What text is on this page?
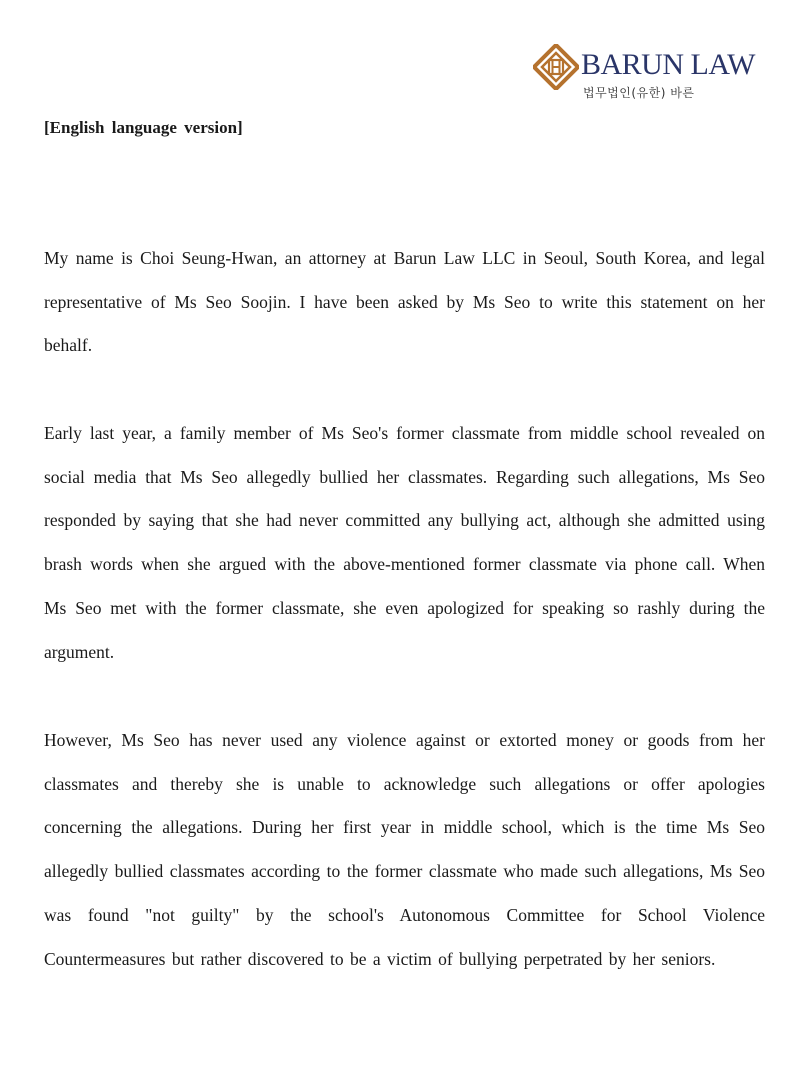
BARUN LAW
법무법인(유한) 바른
[English language version]

My name is Choi Seung-Hwan, an attorney at Barun Law LLC in Seoul, South Korea, and legal representative of Ms Seo Soojin. I have been asked by Ms Seo to write this statement on her behalf.

Early last year, a family member of Ms Seo's former classmate from middle school revealed on social media that Ms Seo allegedly bullied her classmates. Regarding such allegations, Ms Seo responded by saying that she had never committed any bullying act, although she admitted using brash words when she argued with the above-mentioned former classmate via phone call. When Ms Seo met with the former classmate, she even apologized for speaking so rashly during the argument.

However, Ms Seo has never used any violence against or extorted money or goods from her classmates and thereby she is unable to acknowledge such allegations or offer apologies concerning the allegations. During her first year in middle school, which is the time Ms Seo allegedly bullied classmates according to the former classmate who made such allegations, Ms Seo was found "not guilty" by the school's Autonomous Committee for School Violence Countermeasures but rather discovered to be a victim of bullying perpetrated by her seniors.
